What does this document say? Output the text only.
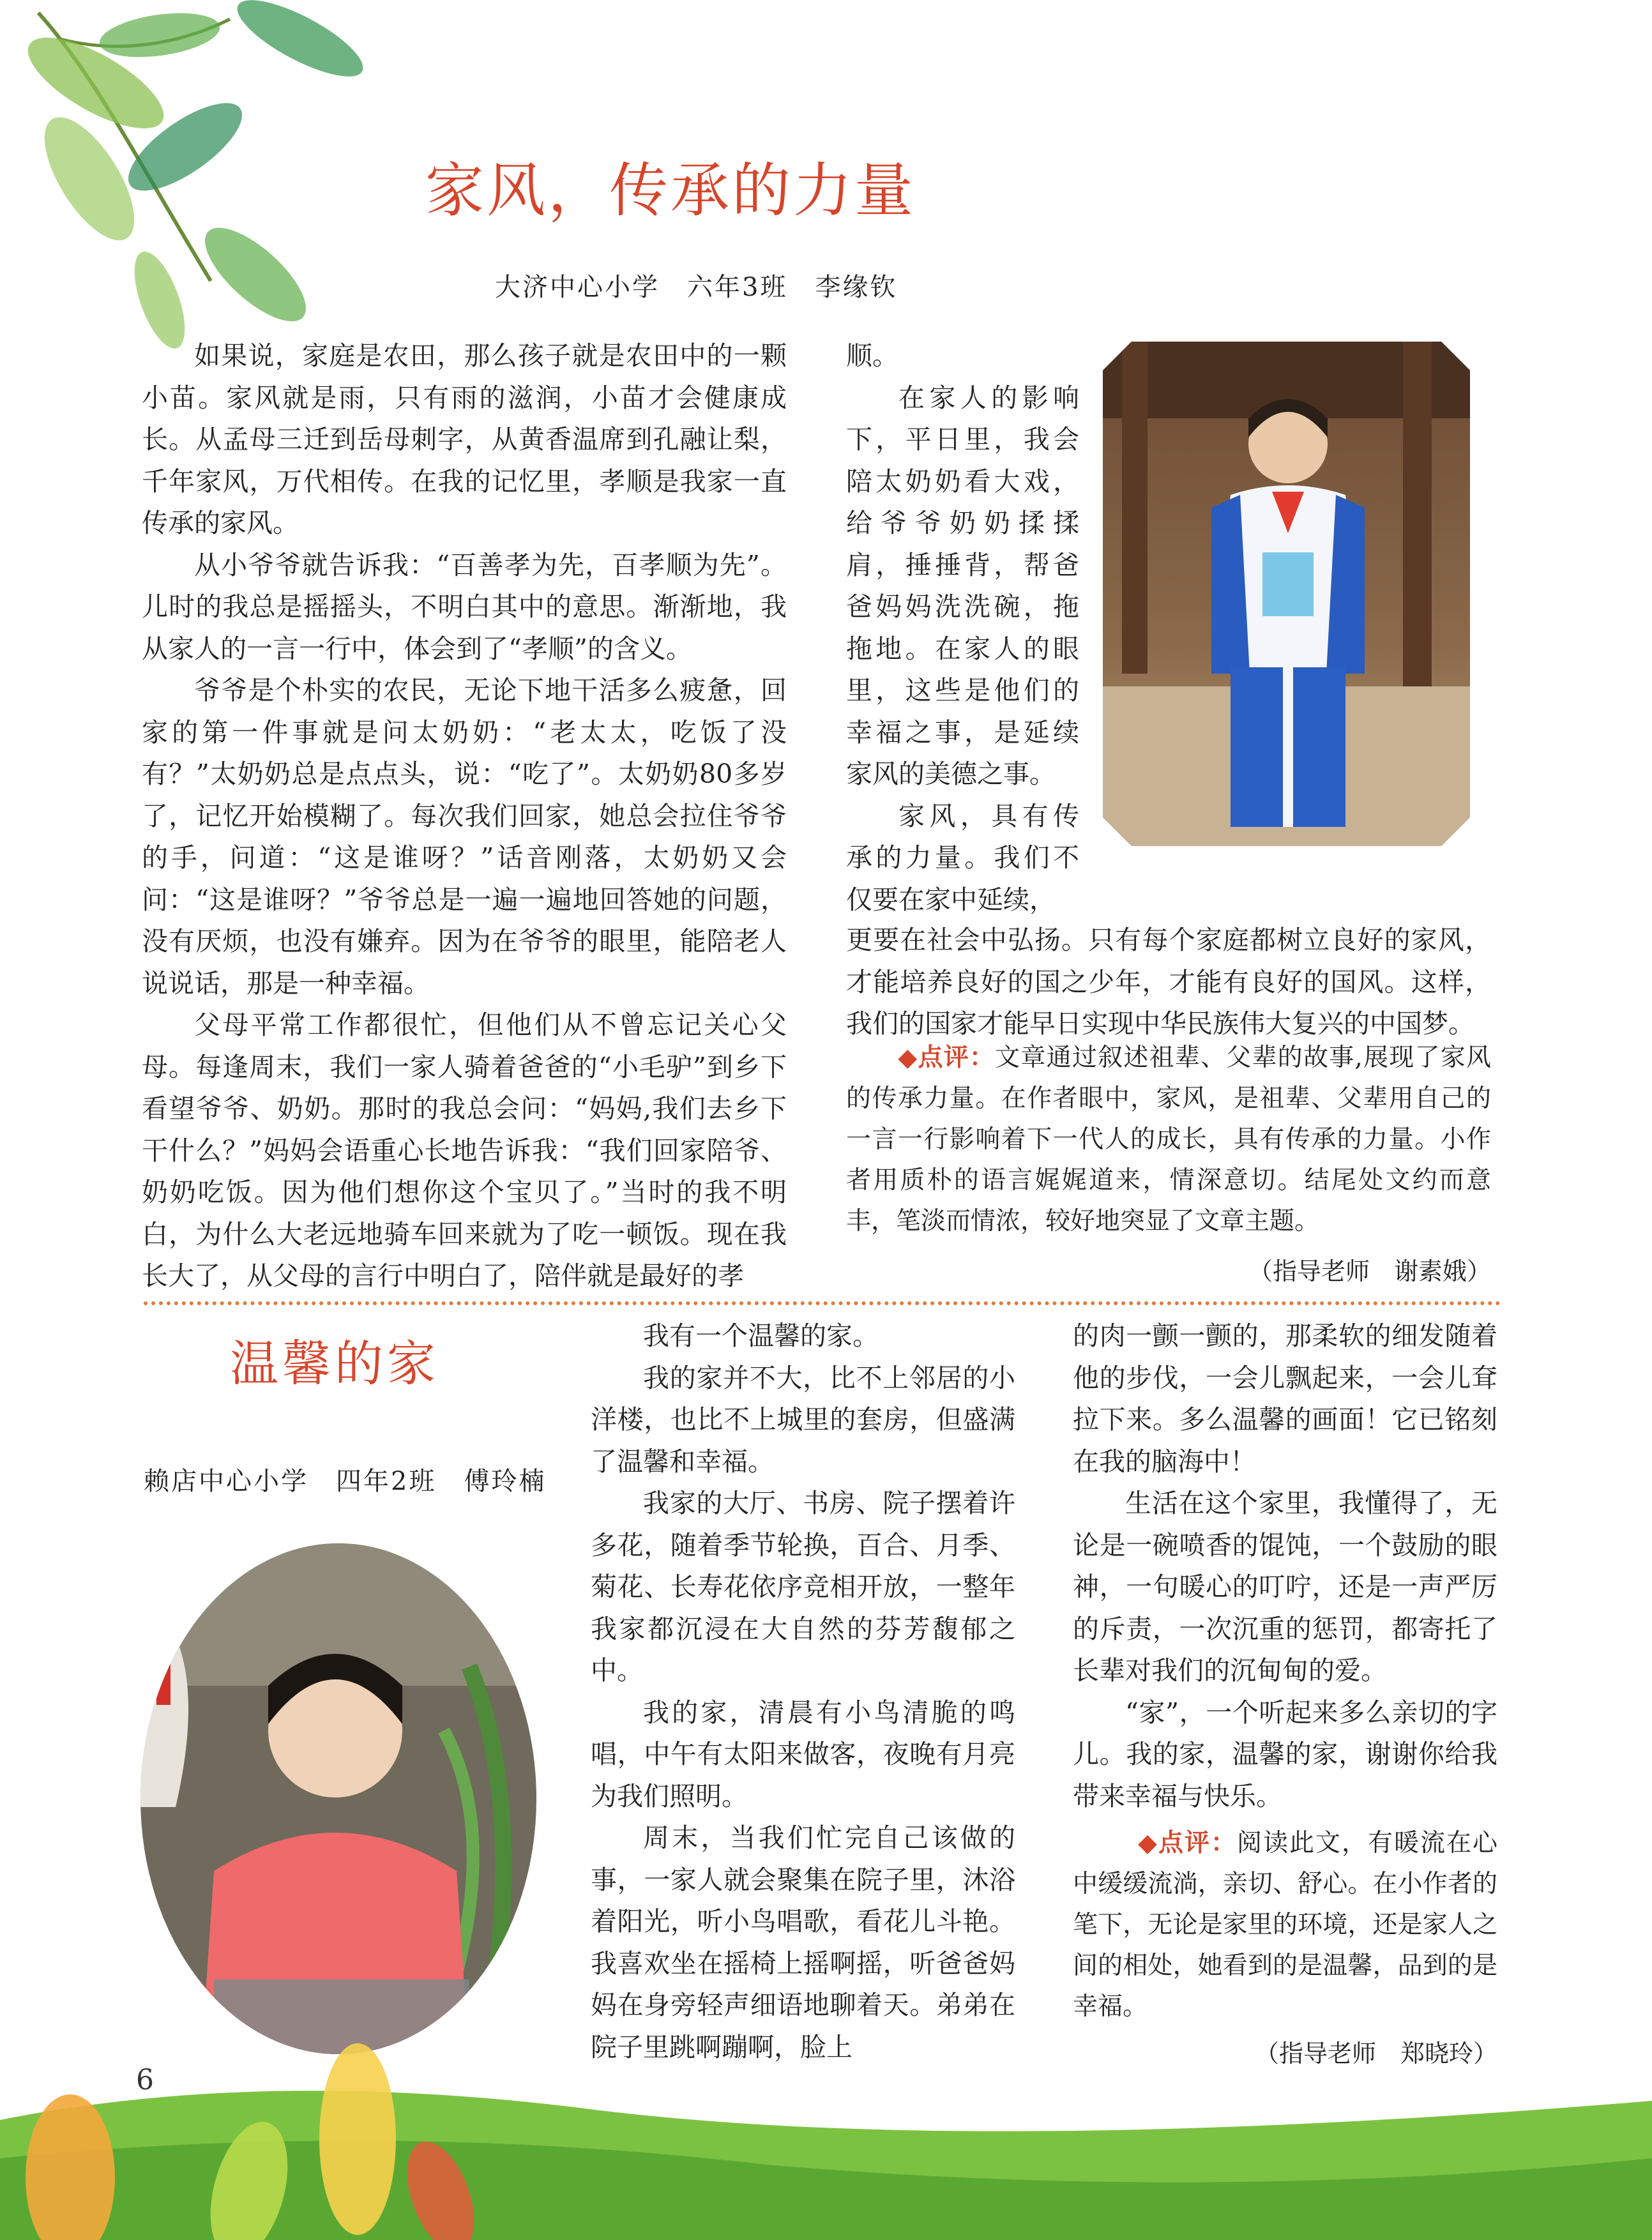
家风，传承的力量
大济中心小学　六年3班　李缘钦

如果说，家庭是农田，那么孩子就是农田中的一颗小苗。家风就是雨，只有雨的滋润，小苗才会健康成长。从孟母三迁到岳母刺字，从黄香温席到孔融让梨，千年家风，万代相传。在我的记忆里，孝顺是我家一直传承的家风。

从小爷爷就告诉我：“百善孝为先，百孝顺为先”。儿时的我总是摇摇头，不明白其中的意思。渐渐地，我从家人的一言一行中，体会到了“孝顺”的含义。

爷爷是个朴实的农民，无论下地干活多么疲惫，回家的第一件事就是问太奶奶：“老太太，吃饭了没有？”太奶奶总是点点头，说：“吃了”。太奶奶80多岁了，记忆开始模糊了。每次我们回家，她总会拉住爷爷的手，问道：“这是谁呀？”话音刚落，太奶奶又会问：“这是谁呀？”爷爷总是一遍一遍地回答她的问题，没有厌烦，也没有嫌弃。因为在爷爷的眼里，能陪老人说说话，那是一种幸福。

父母平常工作都很忙，但他们从不曾忘记关心父母。每逢周末，我们一家人骑着爸爸的“小毛驴”到乡下看望爷爷、奶奶。那时的我总会问：“妈妈,我们去乡下干什么？”妈妈会语重心长地告诉我：“我们回家陪爷、奶奶吃饭。因为他们想你这个宝贝了。”当时的我不明白，为什么大老远地骑车回来就为了吃一顿饭。现在我长大了，从父母的言行中明白了，陪伴就是最好的孝

顺。

在家人的影响下，平日里，我会陪太奶奶看大戏，给爷爷奶奶揉揉肩，捶捶背，帮爸爸妈妈洗洗碗，拖拖地。在家人的眼里，这些是他们的幸福之事，是延续家风的美德之事。

家风，具有传承的力量。我们不仅要在家中延续，

更要在社会中弘扬。只有每个家庭都树立良好的家风，才能培养良好的国之少年，才能有良好的国风。这样，我们的国家才能早日实现中华民族伟大复兴的中国梦。

◆点评：文章通过叙述祖辈、父辈的故事,展现了家风的传承力量。在作者眼中，家风，是祖辈、父辈用自己的一言一行影响着下一代人的成长，具有传承的力量。小作者用质朴的语言娓娓道来，情深意切。结尾处文约而意丰，笔淡而情浓，较好地突显了文章主题。
（指导老师　谢素娥）
温馨的家
赖店中心小学　四年2班　傅玲楠

我有一个温馨的家。

我的家并不大，比不上邻居的小洋楼，也比不上城里的套房，但盛满了温馨和幸福。

我家的大厅、书房、院子摆着许多花，随着季节轮换，百合、月季、菊花、长寿花依序竞相开放，一整年我家都沉浸在大自然的芬芳馥郁之中。

我的家，清晨有小鸟清脆的鸣唱，中午有太阳来做客，夜晚有月亮为我们照明。

周末，当我们忙完自己该做的事，一家人就会聚集在院子里，沐浴着阳光，听小鸟唱歌，看花儿斗艳。我喜欢坐在摇椅上摇啊摇，听爸爸妈妈在身旁轻声细语地聊着天。弟弟在院子里跳啊蹦啊，脸上

的肉一颤一颤的，那柔软的细发随着他的步伐，一会儿飘起来，一会儿耷拉下来。多么温馨的画面！它已铭刻在我的脑海中！

生活在这个家里，我懂得了，无论是一碗喷香的馄饨，一个鼓励的眼神，一句暖心的叮咛，还是一声严厉的斥责，一次沉重的惩罚，都寄托了长辈对我们的沉甸甸的爱。

“家”，一个听起来多么亲切的字儿。我的家，温馨的家，谢谢你给我带来幸福与快乐。

◆点评：阅读此文，有暖流在心中缓缓流淌，亲切、舒心。在小作者的笔下，无论是家里的环境，还是家人之间的相处，她看到的是温馨，品到的是幸福。
（指导老师　郑晓玲）
6
